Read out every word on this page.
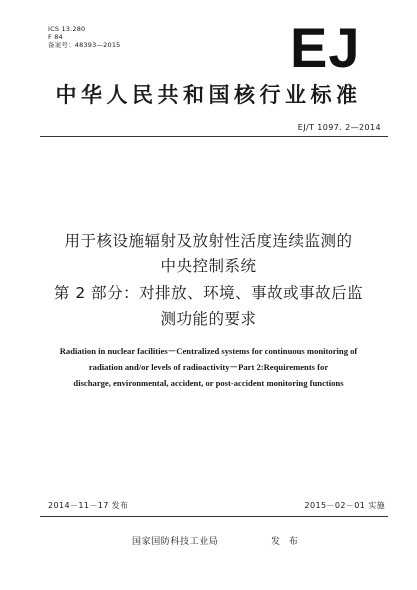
ICS 13.280
F 84
备案号：48393—2015	EJ
中华人民共和国核行业标准
EJ/T 1097. 2—2014
用于核设施辐射及放射性活度连续监测的
中央控制系统
第 2 部分：对排放、环境、事故或事故后监
测功能的要求
Radiation in nuclear facilities－Centralized systems for continuous monitoring of
radiation and/or levels of radioactivity－Part 2:Requirements for
discharge, environmental, accident, or post-accident monitoring functions
2014－11－17 发布	2015－02－01 实施
国家国防科技工业局	发 布
